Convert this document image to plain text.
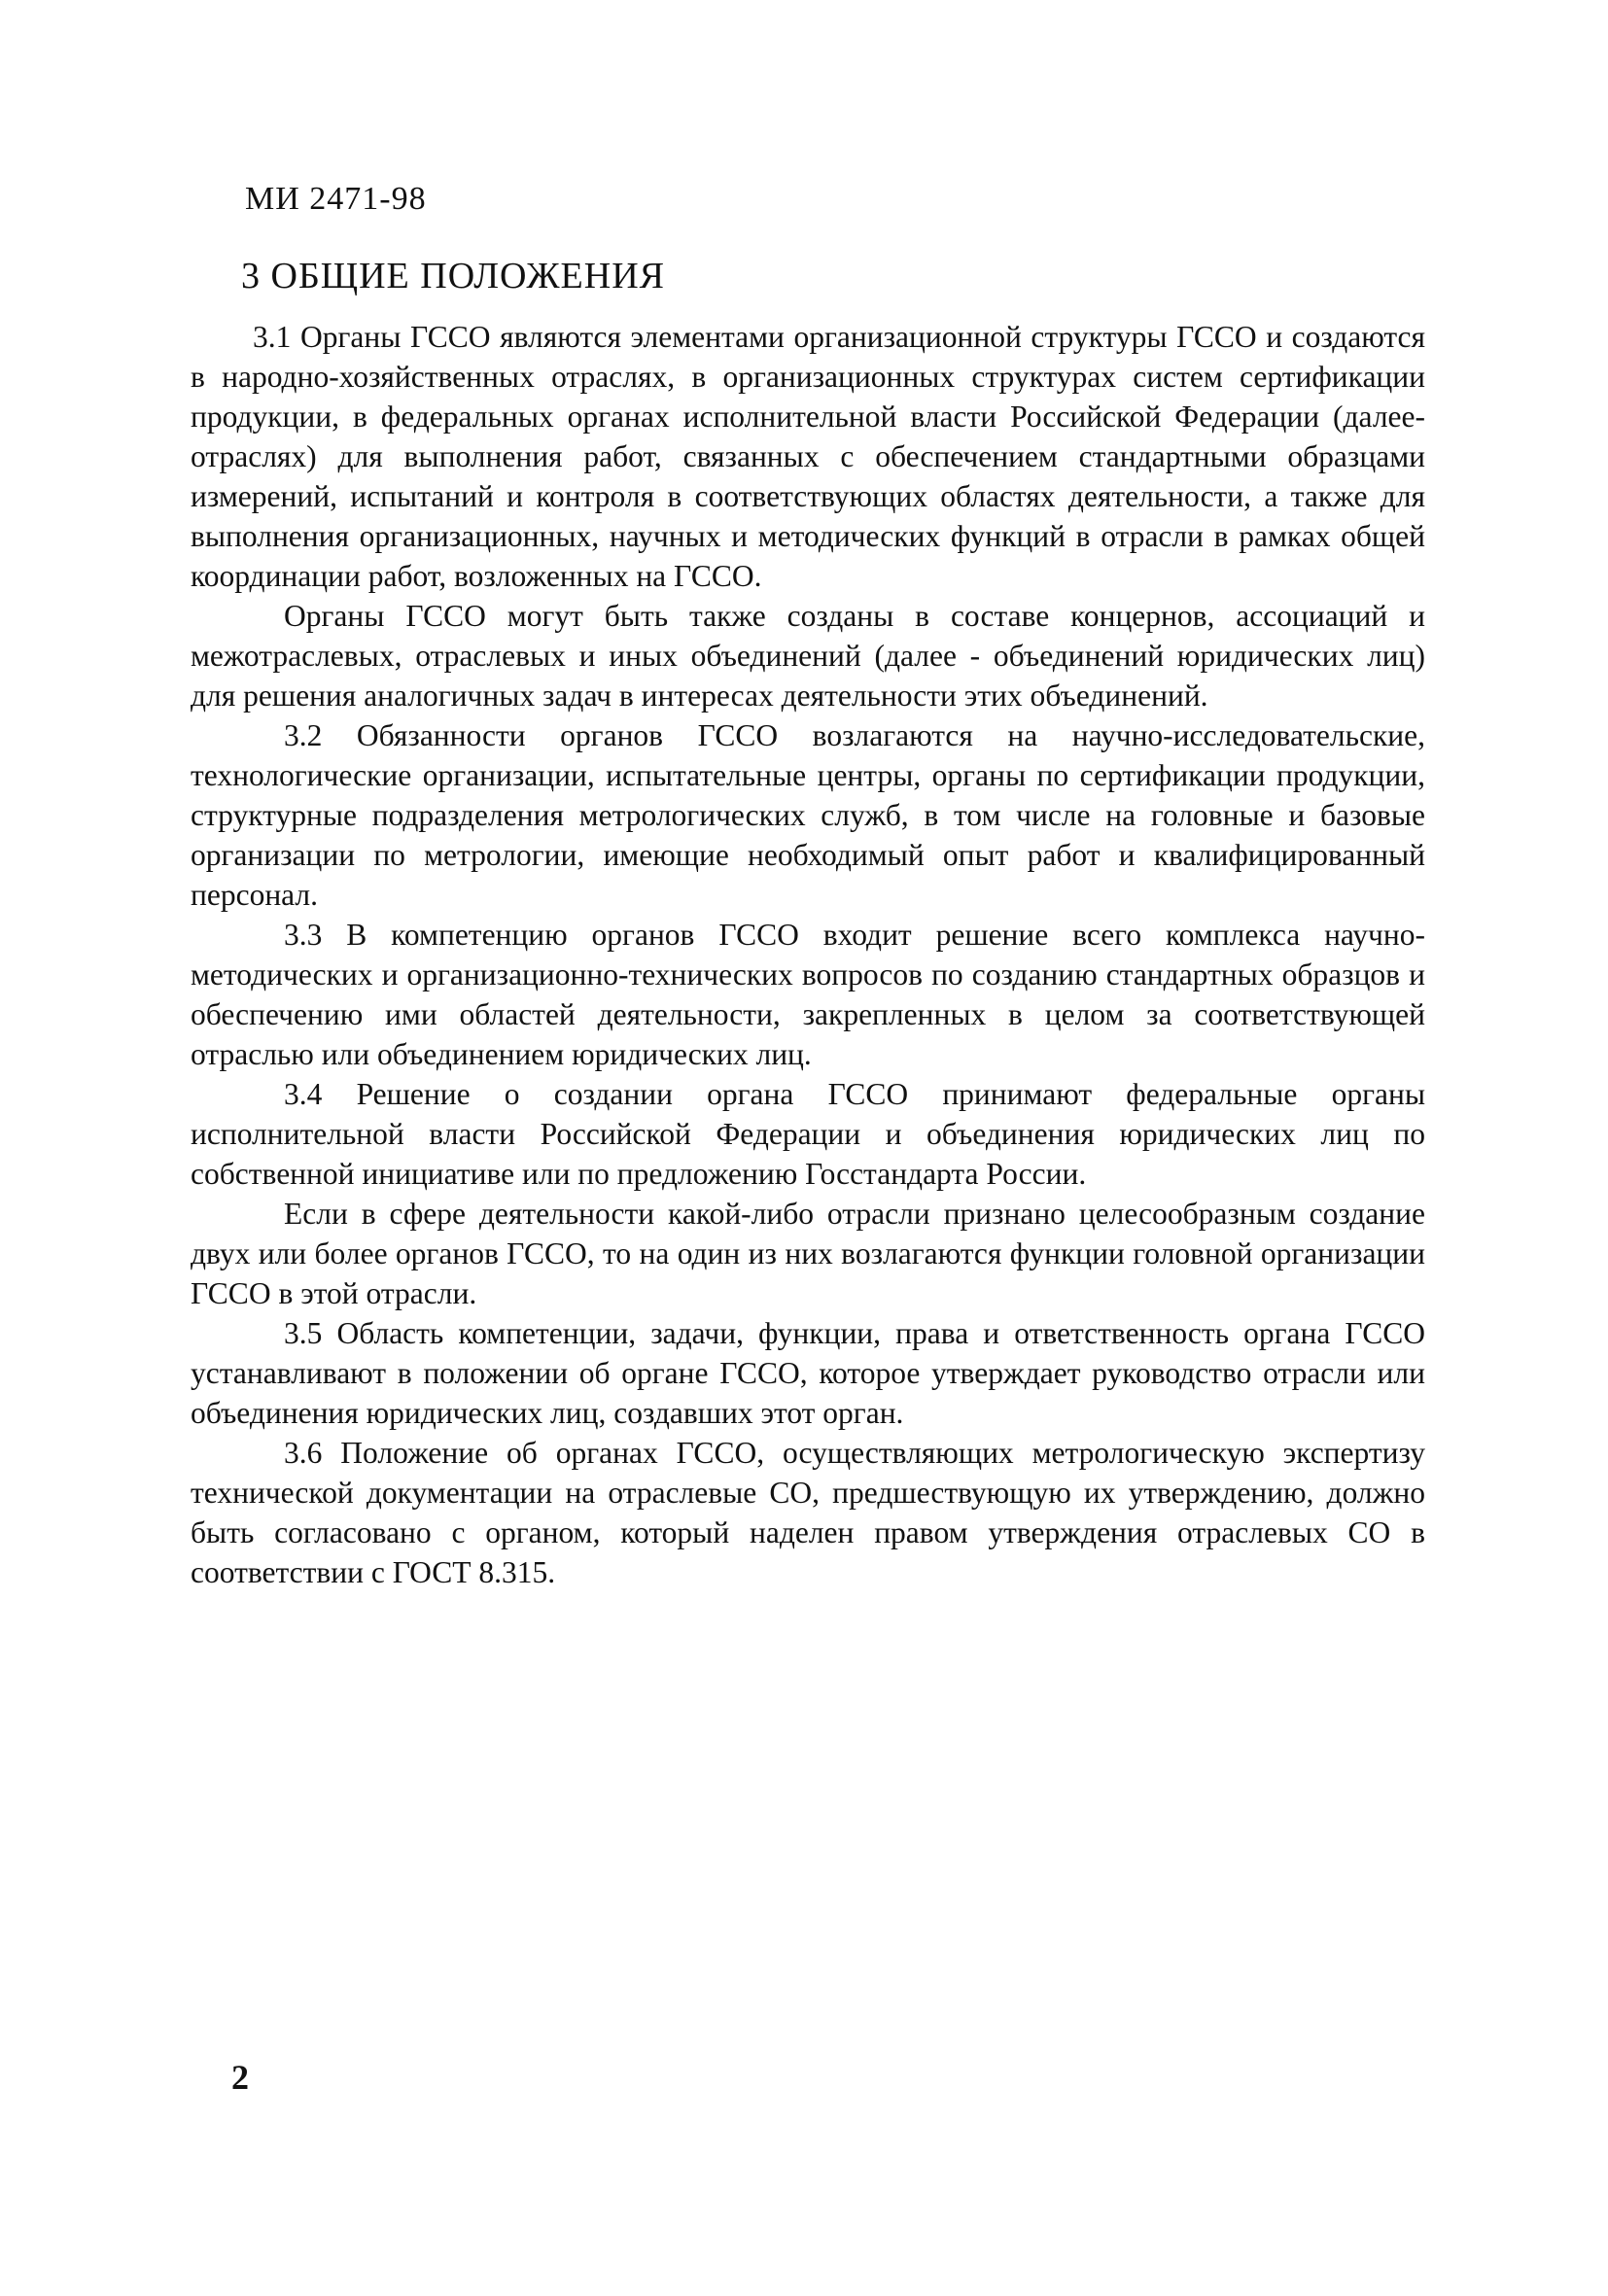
МИ 2471-98
3 ОБЩИЕ ПОЛОЖЕНИЯ

3.1 Органы ГССО являются элементами организационной структуры ГССО и создаются в народно-хозяйственных отраслях, в организационных структурах систем сертификации продукции, в федеральных органах исполнительной власти Российской Федерации (далее-отраслях) для выполнения работ, связанных с обеспечением стандартными образцами измерений, испытаний и контроля в соответствующих областях деятельности, а также для выполнения организационных, научных и методических функций в отрасли в рамках общей координации работ, возложенных на ГССО.

Органы ГССО могут быть также созданы в составе концернов, ассоциаций и межотраслевых, отраслевых и иных объединений (далее - объединений юридических лиц) для решения аналогичных задач в интересах деятельности этих объединений.

3.2 Обязанности органов ГССО возлагаются на научно-исследовательские, технологические организации, испытательные центры, органы по сертификации продукции, структурные подразделения метрологических служб, в том числе на головные и базовые организации по метрологии, имеющие необходимый опыт работ и квалифицированный персонал.

3.3 В компетенцию органов ГССО входит решение всего комплекса научно-методических и организационно-технических вопросов по созданию стандартных образцов и обеспечению ими областей деятельности, закрепленных в целом за соответствующей отраслью или объединением юридических лиц.

3.4 Решение о создании органа ГССО принимают федеральные органы исполнительной власти Российской Федерации и объединения юридических лиц по собственной инициативе или по предложению Госстандарта России.

Если в сфере деятельности какой-либо отрасли признано целесообразным создание двух или более органов ГССО, то на один из них возлагаются функции головной организации ГССО в этой отрасли.

3.5 Область компетенции, задачи, функции, права и ответственность органа ГССО устанавливают в положении об органе ГССО, которое утверждает руководство отрасли или объединения юридических лиц, создавших этот орган.

3.6 Положение об органах ГССО, осуществляющих метрологическую экспертизу технической документации на отраслевые СО, предшествующую их утверждению, должно быть согласовано с органом, который наделен правом утверждения отраслевых СО в соответствии с ГОСТ 8.315.

2
